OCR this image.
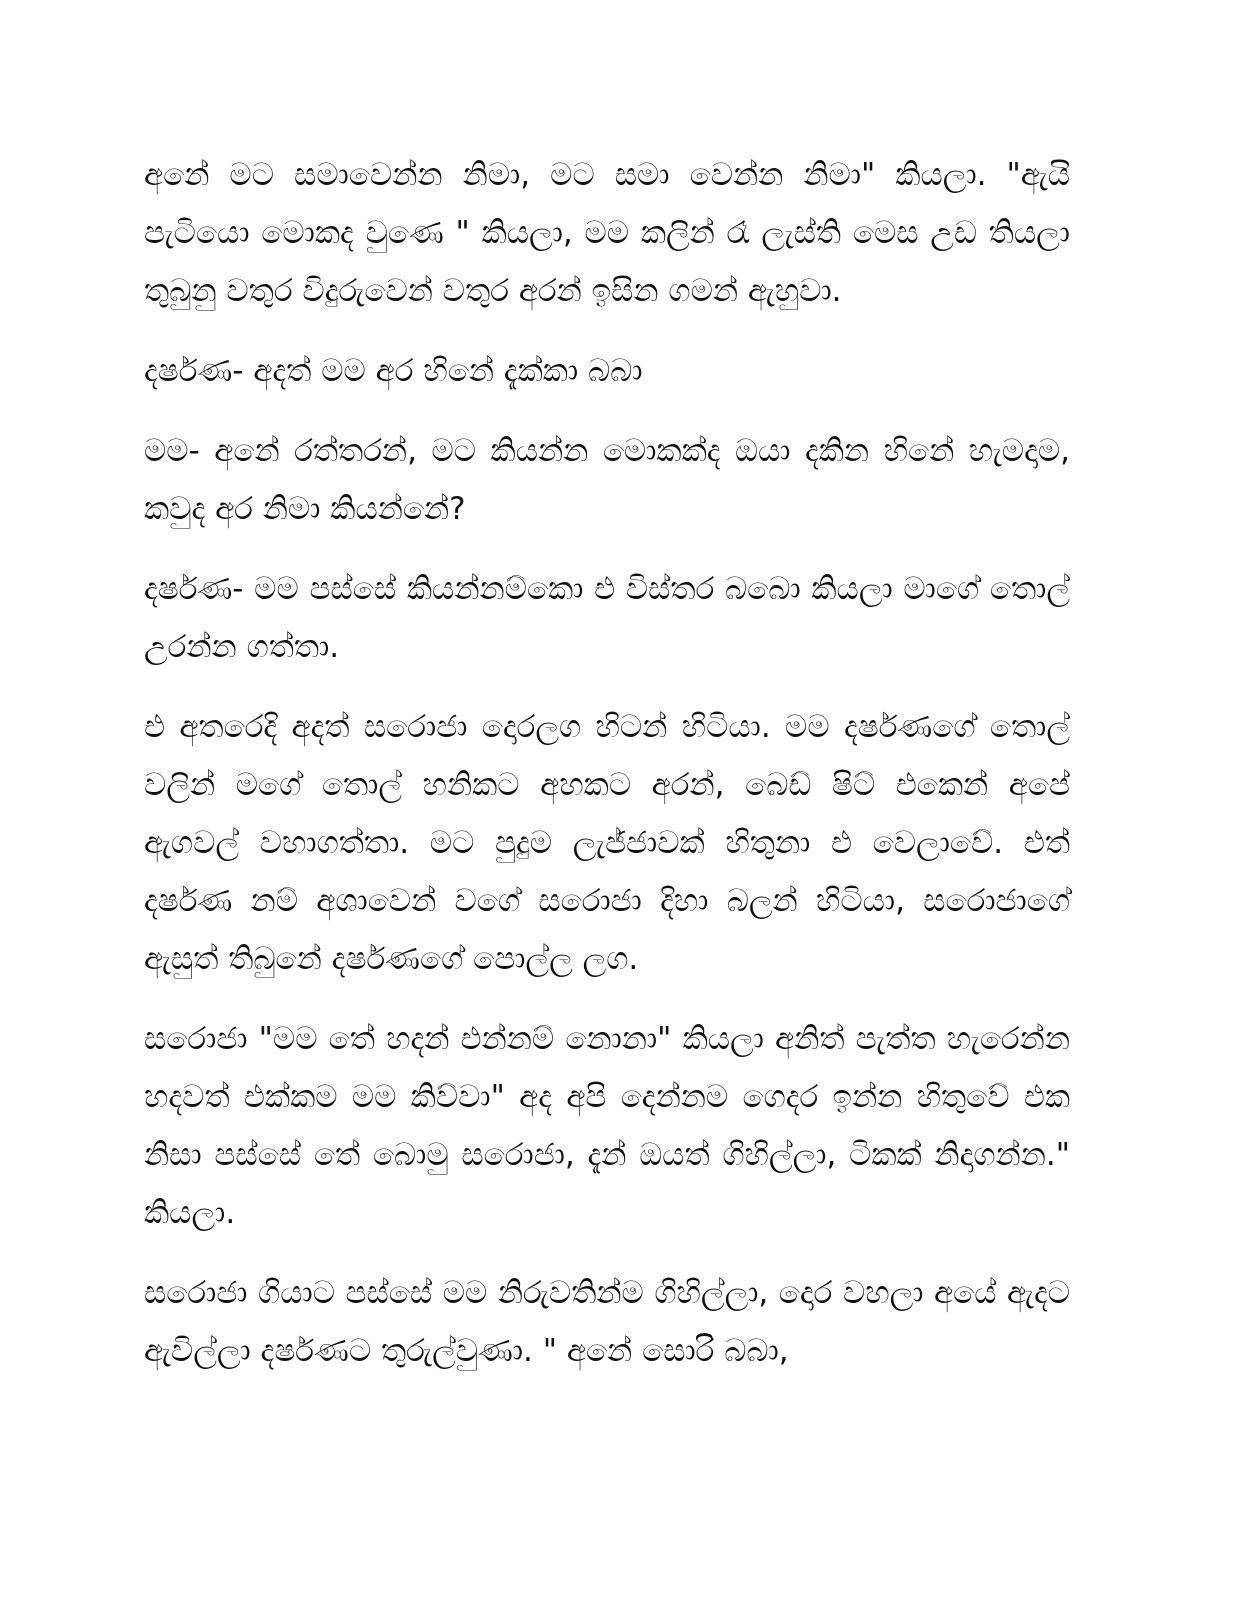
අනේ මට සමාවෙන්න නිමා, මට සමා වෙන්න නිමා" කියලා. "ඇයි පැටියො මොකද වුණෙ " කියලා, මම කලින් රෑ ලැස්ති මෙස උඩ තියලා තුබුනු වතුර විදුරුවෙන් වතුර අරන් ඉසින ගමන් ඇහුවා.

දර්ෂණ- අදත් මම අර හිනේ දැක්කා බබා

මම- අනේ රත්තරන්, මට කියන්න මොකක්ද ඔයා දකින හිනේ හැමදාම, කවුද අර නිමා කියන්නේ?

දර්ෂණ- මම පස්සේ කියන්නම්කො එ විස්තර බබො කියලා මාගේ තොල් උරන්න ගත්තා.

එ අතරෙදි අදත් සරොජා දොරලග හිටන් හිටියා. මම දර්ෂණගේ තොල් වලින් මගේ තොල් හනිකට අහකට අරන්, බෙඩ් ෂිට් එකෙන් අපේ ඇගවල් වහාගත්තා. මට පුදුම ලැජ්ජාවක් හිතුනා එ වෙලාවේ. එත් දර්ෂණ නම් අශාවෙන් වගේ සරොජා දිහා බලන් හිටියා, සරොජාගේ ඇසුත් තිබුනේ දර්ෂණගේ පොල්ල ලග.

සරොජා "මම තේ හදන් එන්නම් නොනා" කියලා අනිත් පැත්ත හැරෙන්න හදවත් එක්කම මම කිව්වා" අද අපි දෙන්නම ගෙදර ඉන්න හිතුවේ එක නිසා පස්සේ තේ බොමු සරොජා, දැන් ඔයත් ගිහිල්ලා, ටිකක් නිදාගන්න." කියලා.

සරොජා ගියාට පස්සේ මම නිරුවතින්ම ගිහිල්ලා, දොර වහලා අයේ ඇදට ඇවිල්ලා දර්ෂණට තුරුල්වුණා. " අනේ සොරි බබා,
